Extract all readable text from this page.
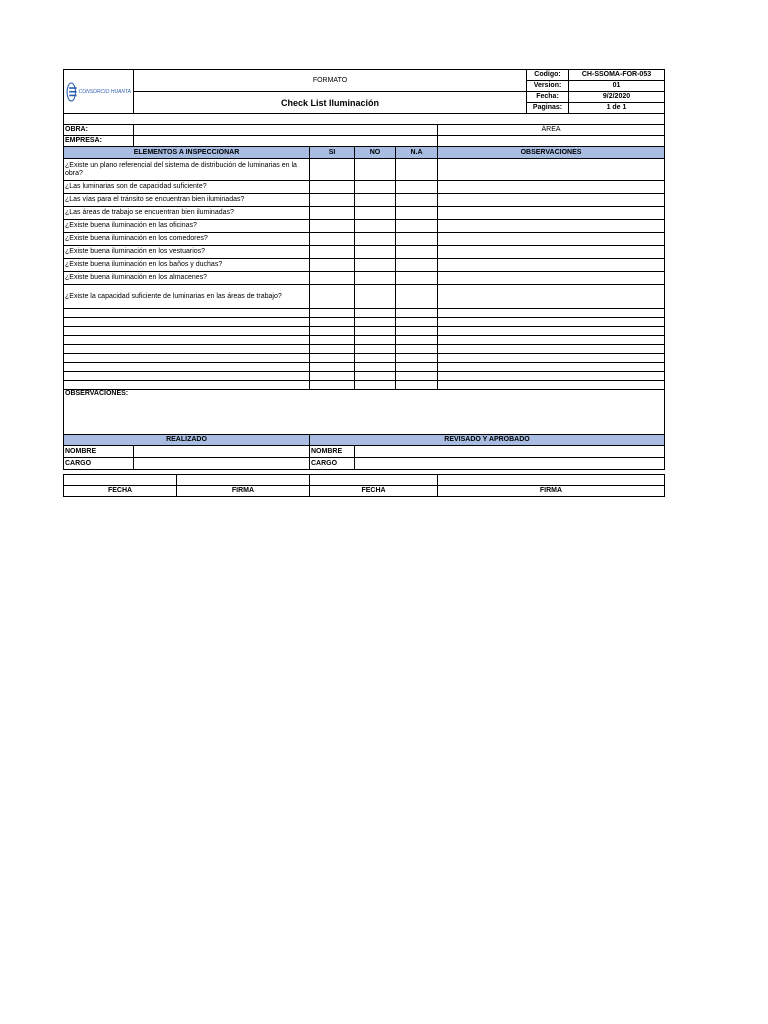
CONSORCIO HUANTA	FORMATO	Codigo:	CH-SSOMA-FOR-053
		Version:	01
	Check List Iluminación	Fecha:	9/2/2020
		Paginas:	1 de 1

OBRA:					ÁREA
EMPRESA:					
ELEMENTOS A INSPECCIONAR		SI	NO	N.A	OBSERVACIONES
¿Existe un plano referencial del sistema de distribución de luminarias en la obra?					
¿Las luminarias son de capacidad suficiente?					
¿Las vías para el tránsito se encuentran bien iluminadas?					
¿Las áreas de trabajo se encuentran bien iluminadas?					
¿Existe buena iluminación en las oficinas?					
¿Existe buena iluminación en los comedores?					
¿Existe buena iluminación en los vestuarios?					
¿Existe buena iluminación en los baños y duchas?					
¿Existe buena iluminación en los almacenes?					
¿Existe la capacidad suficiente de luminarias en las áreas de trabajo?					

OBSERVACIONES:					
REALIZADO		REVISADO Y APROBADO	
NOMBRE		NOMBRE	
CARGO		CARGO	

FECHA	FIRMA	FECHA	FIRMA
